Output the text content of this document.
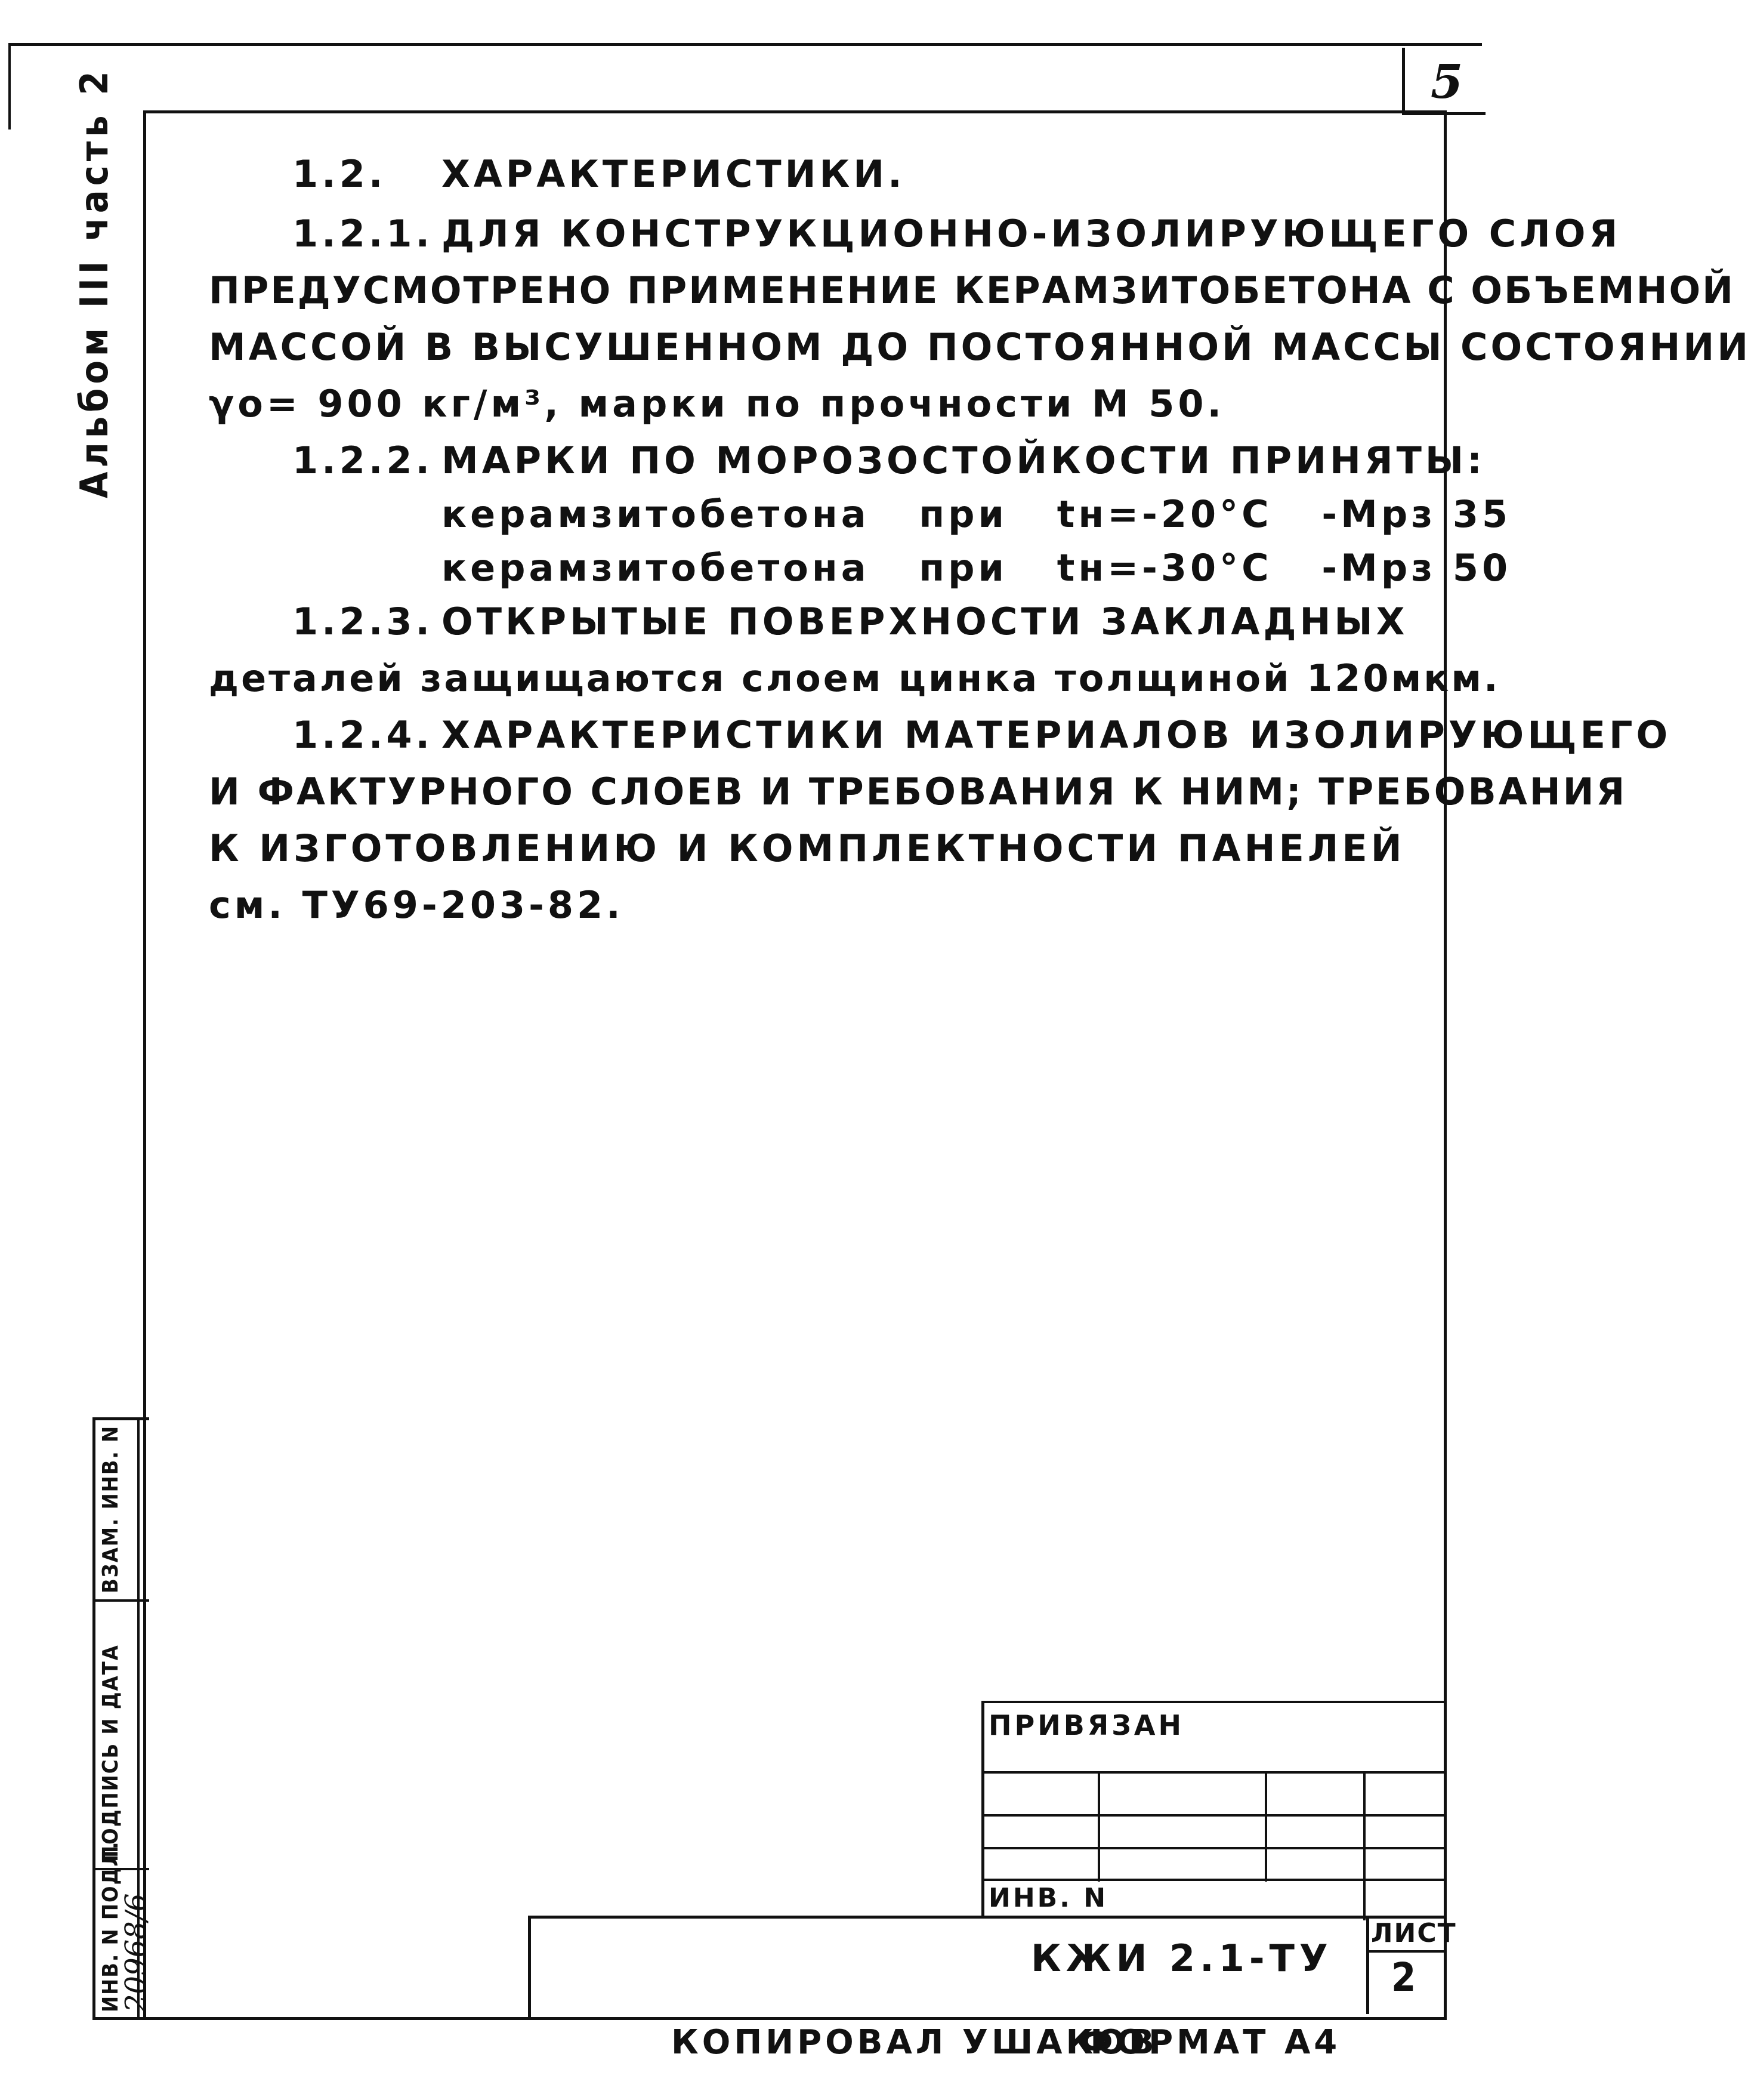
5
Альбом III часть 2	1.2. ХАРАКТЕРИСТИКИ.
1.2.1. ДЛЯ КОНСТРУКЦИОННО-ИЗОЛИРУЮЩЕГО СЛОЯ
ПРЕДУСМОТРЕНО ПРИМЕНЕНИЕ КЕРАМЗИТОБЕТОНА С ОБЪЕМНОЙ
МАССОЙ В ВЫСУШЕННОМ ДО ПОСТОЯННОЙ МАССЫ СОСТОЯНИИ
γо= 900 кг/м³, марки по прочности М 50.
1.2.2. МАРКИ ПО МОРОЗОСТОЙКОСТИ ПРИНЯТЫ:
керамзитобетона   при   tн=-20°С   -Мрз 35
керамзитобетона   при   tн=-30°С   -Мрз 50
1.2.3. ОТКРЫТЫЕ ПОВЕРХНОСТИ ЗАКЛАДНЫХ
деталей защищаются слоем цинка толщиной 120мкм.
1.2.4. ХАРАКТЕРИСТИКИ МАТЕРИАЛОВ ИЗОЛИРУЮЩЕГО
И ФАКТУРНОГО СЛОЕВ И ТРЕБОВАНИЯ К НИМ; ТРЕБОВАНИЯ
К ИЗГОТОВЛЕНИЮ И КОМПЛЕКТНОСТИ ПАНЕЛЕЙ
см. ТУ69-203-82.
ВЗАМ. ИНВ. N
ПОДПИСЬ И ДАТА
ИНВ. N ПОДЛ.
20968/6
ПРИВЯЗАН
ИНВ. N
ЛИСТ
2
КЖИ 2.1-ТУ
КОПИРОВАЛ УШАКОВ
ФОРМАТ А4
